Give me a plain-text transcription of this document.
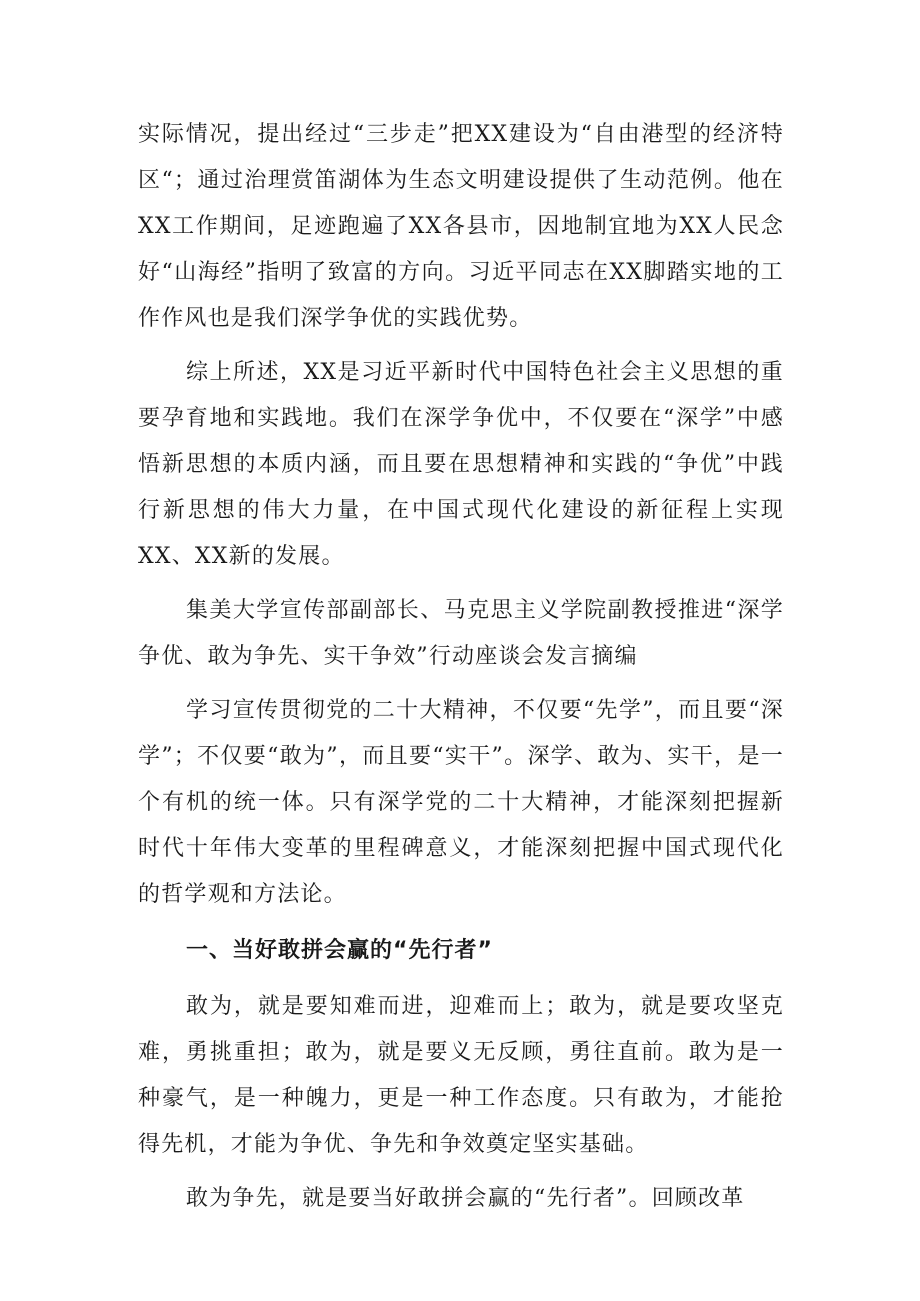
实际情况，提出经过“三步走”把XX建设为“自由港型的经济特区“；通过治理赏笛湖体为生态文明建设提供了生动范例。他在XX工作期间，足迹跑遍了XX各县市，因地制宜地为XX人民念好“山海经”指明了致富的方向。习近平同志在XX脚踏实地的工作作风也是我们深学争优的实践优势。

综上所述，XX是习近平新时代中国特色社会主义思想的重要孕育地和实践地。我们在深学争优中，不仅要在“深学”中感悟新思想的本质内涵，而且要在思想精神和实践的“争优”中践行新思想的伟大力量，在中国式现代化建设的新征程上实现XX、XX新的发展。

集美大学宣传部副部长、马克思主义学院副教授推进“深学争优、敢为争先、实干争效”行动座谈会发言摘编

学习宣传贯彻党的二十大精神，不仅要“先学”，而且要“深学”；不仅要“敢为”，而且要“实干”。深学、敢为、实干，是一个有机的统一体。只有深学党的二十大精神，才能深刻把握新时代十年伟大变革的里程碑意义，才能深刻把握中国式现代化的哲学观和方法论。

一、当好敢拼会赢的“先行者”

敢为，就是要知难而进，迎难而上；敢为，就是要攻坚克难，勇挑重担；敢为，就是要义无反顾，勇往直前。敢为是一种豪气，是一种魄力，更是一种工作态度。只有敢为，才能抢得先机，才能为争优、争先和争效奠定坚实基础。

敢为争先，就是要当好敢拼会赢的“先行者”。回顾改革
